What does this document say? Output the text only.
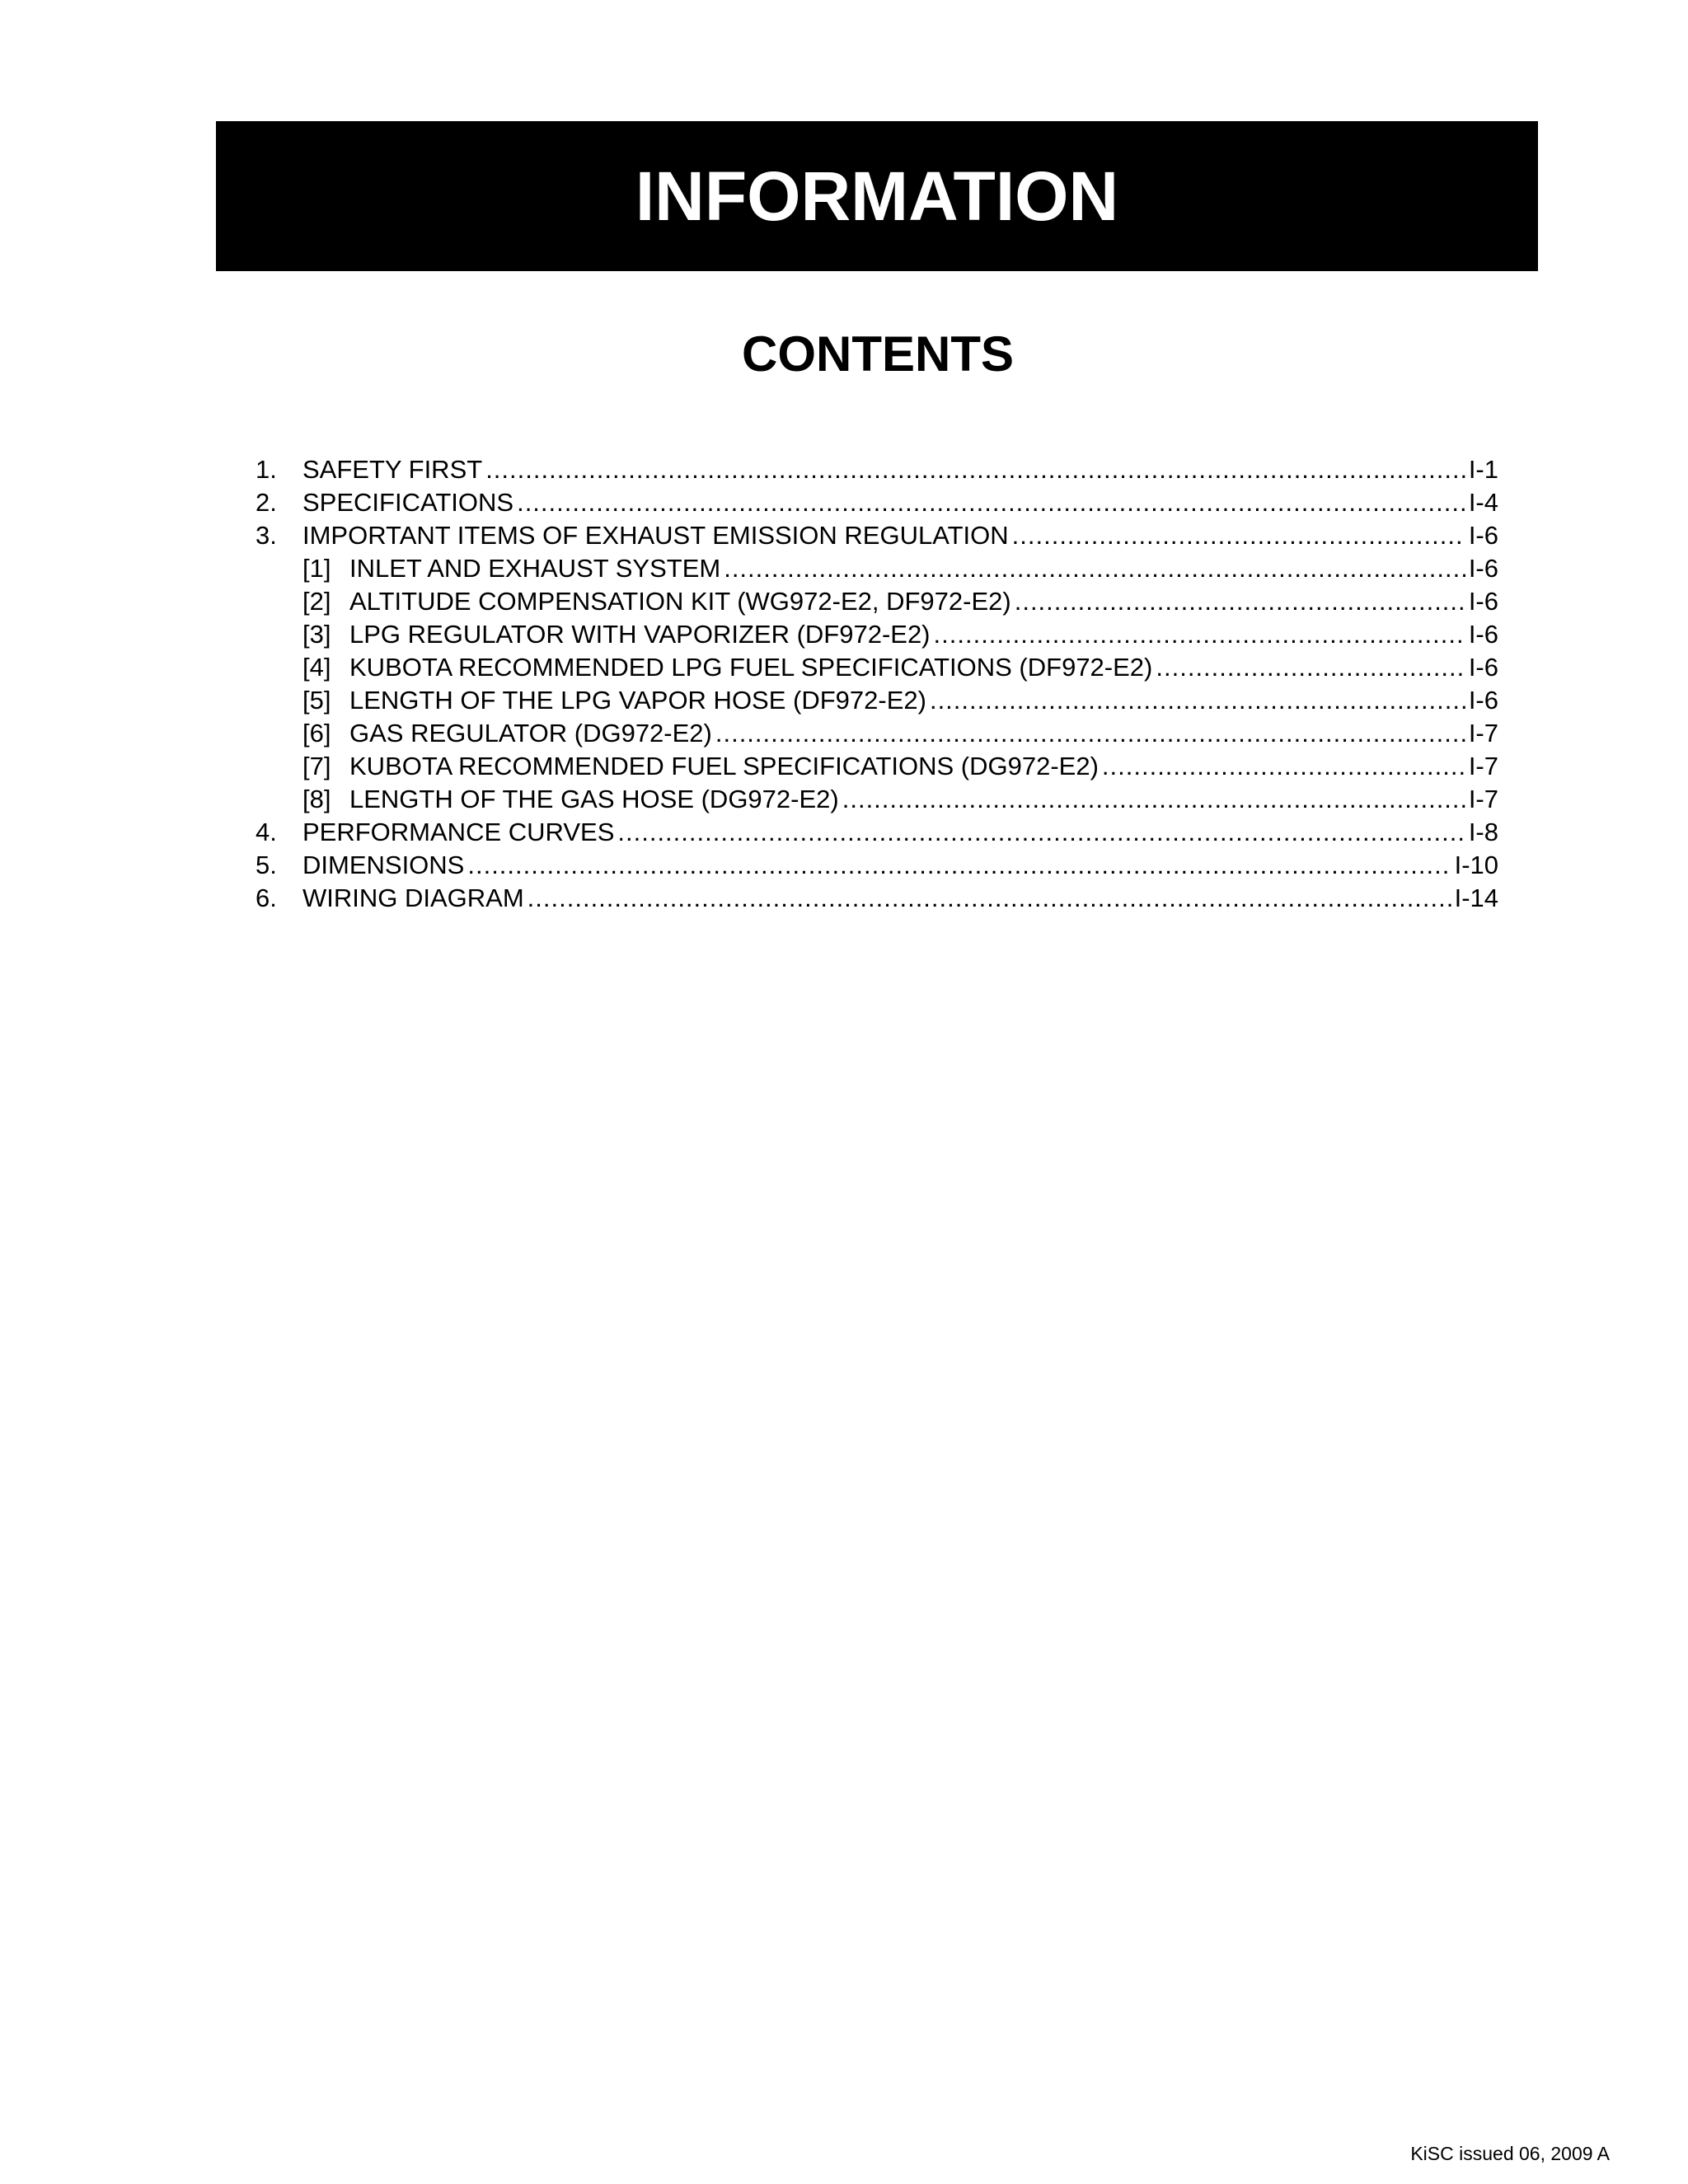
INFORMATION
CONTENTS
1.	SAFETY FIRST .....	I-1
2.	SPECIFICATIONS .....	I-4
3.	IMPORTANT ITEMS OF EXHAUST EMISSION REGULATION .....	I-6
[1] INLET AND EXHAUST SYSTEM .....	I-6
[2] ALTITUDE COMPENSATION KIT (WG972-E2, DF972-E2) .....	I-6
[3] LPG REGULATOR WITH VAPORIZER (DF972-E2) .....	I-6
[4] KUBOTA RECOMMENDED LPG FUEL SPECIFICATIONS (DF972-E2) .....	I-6
[5] LENGTH OF THE LPG VAPOR HOSE (DF972-E2) .....	I-6
[6] GAS REGULATOR (DG972-E2) .....	I-7
[7] KUBOTA RECOMMENDED FUEL SPECIFICATIONS (DG972-E2) .....	I-7
[8] LENGTH OF THE GAS HOSE (DG972-E2) .....	I-7
4.	PERFORMANCE CURVES .....	I-8
5.	DIMENSIONS .....	I-10
6.	WIRING DIAGRAM .....	I-14
KiSC issued 06, 2009 A
